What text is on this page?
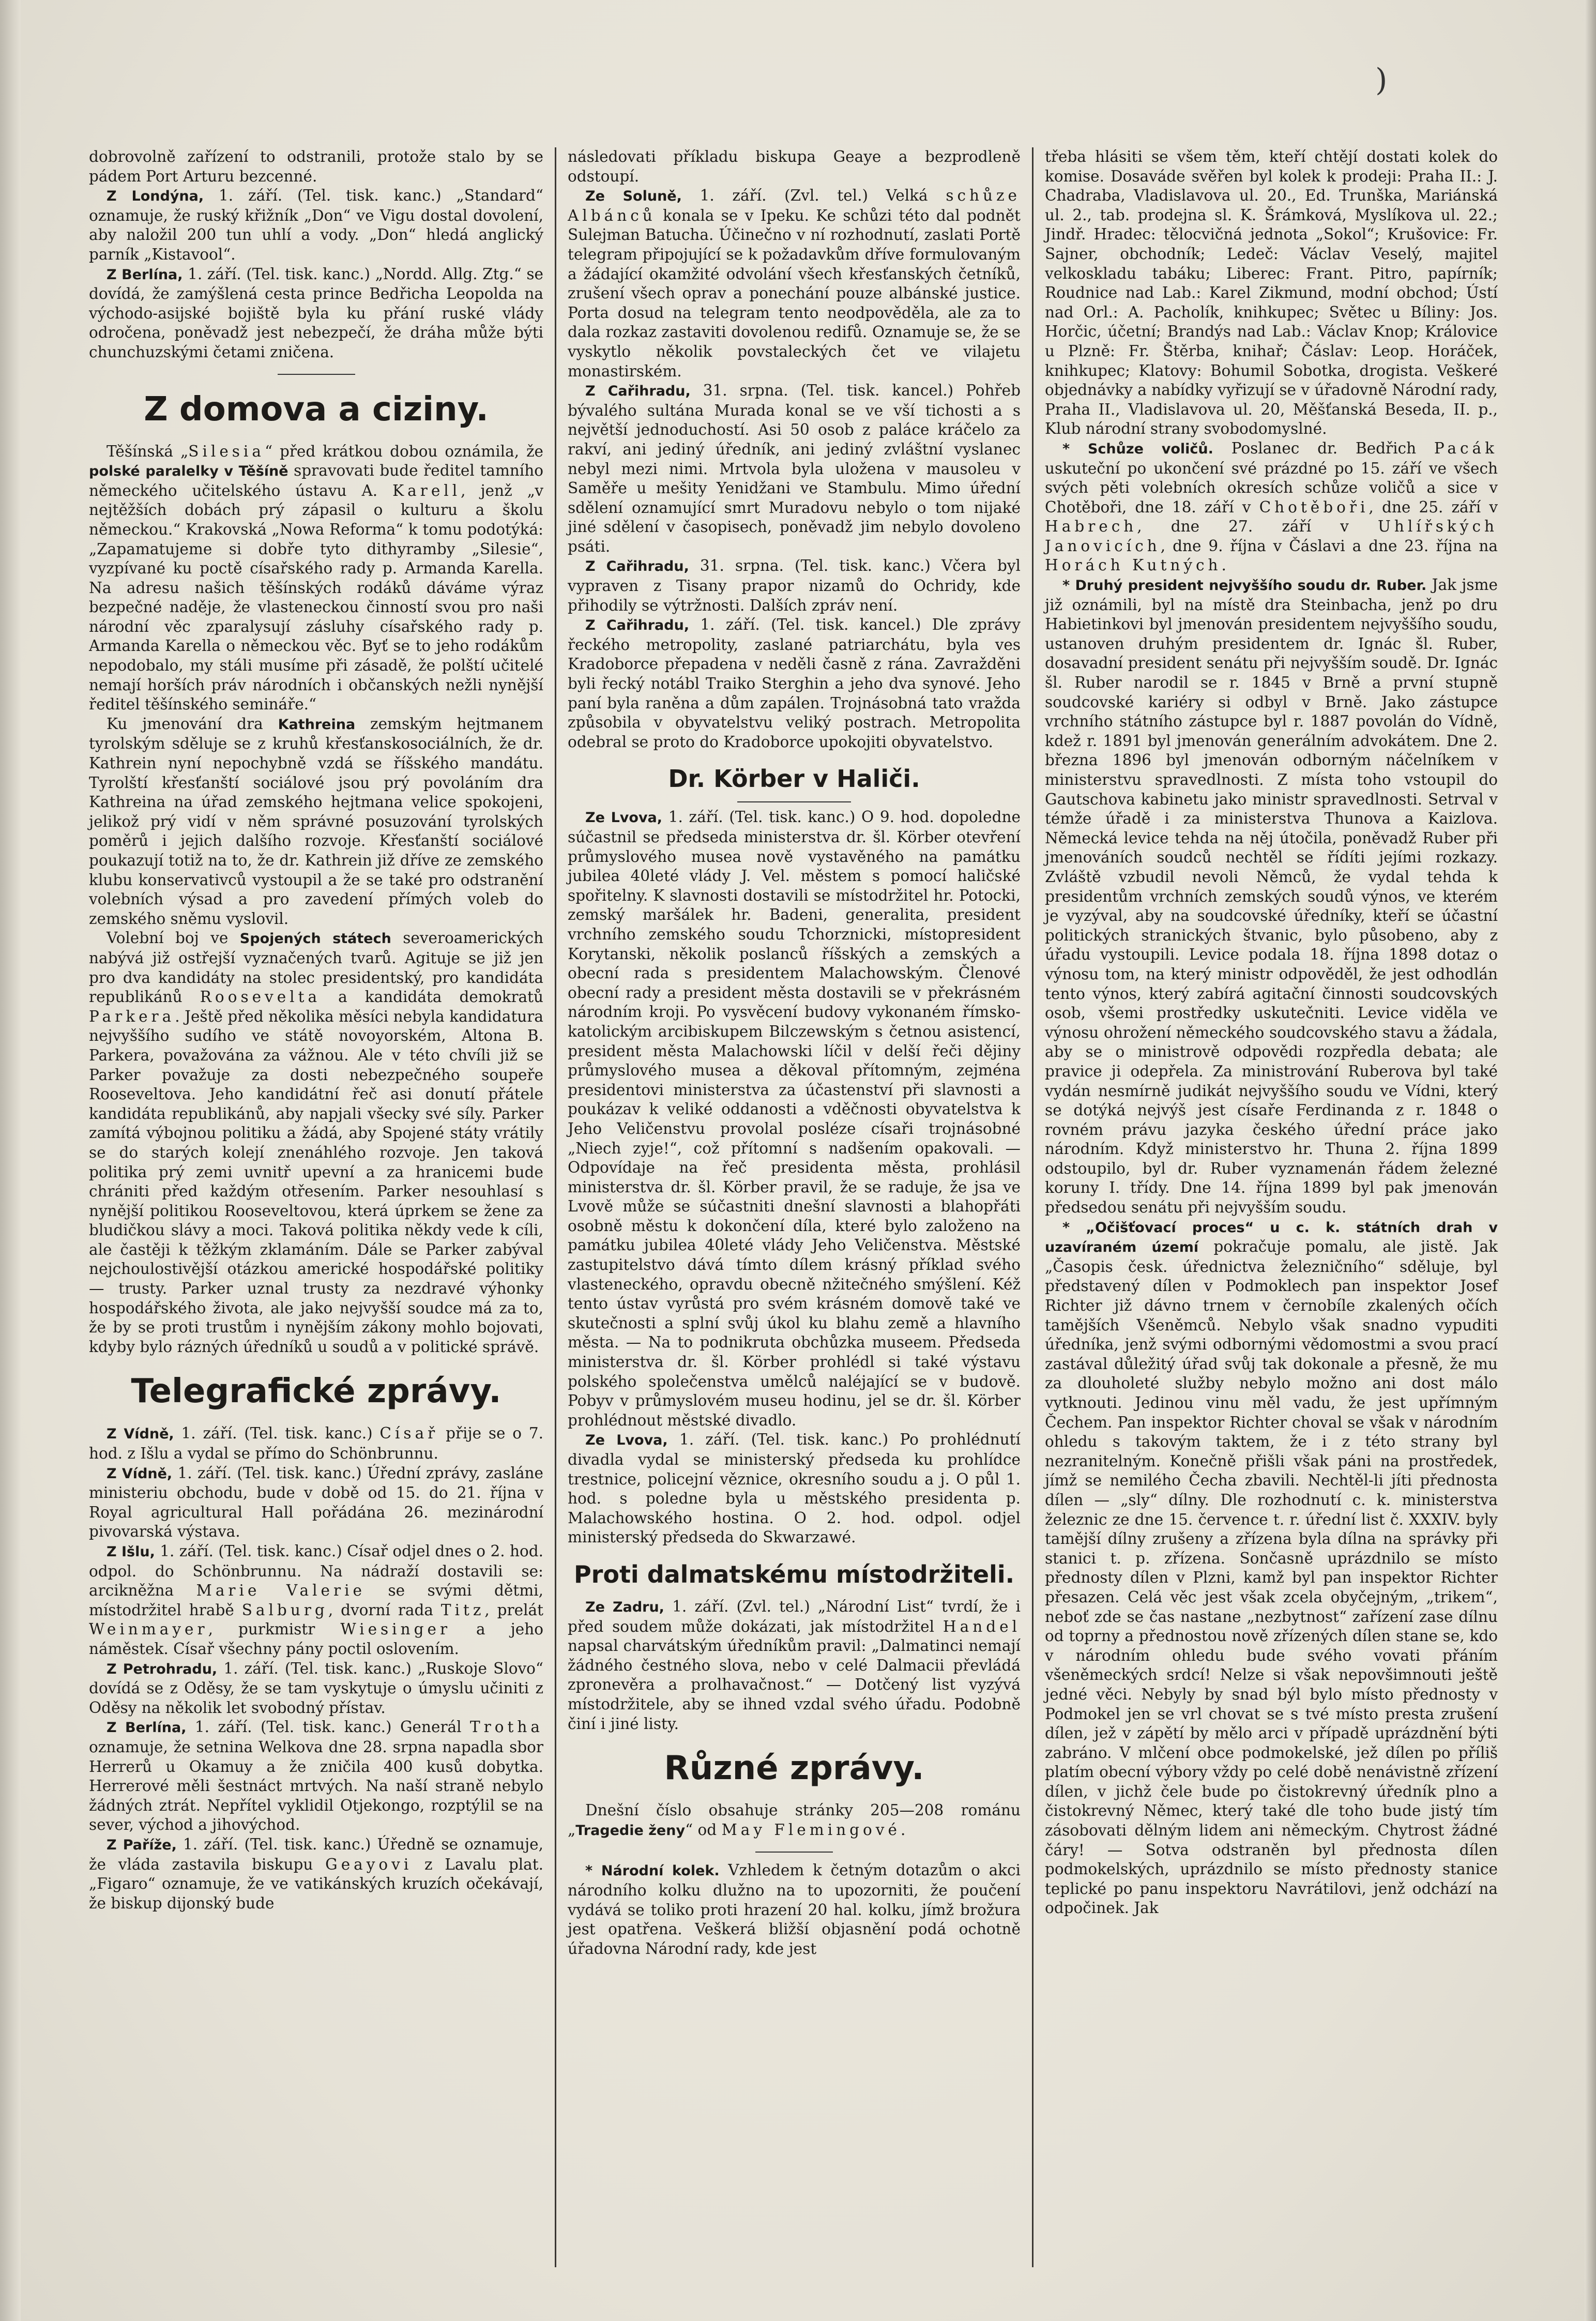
)

dobrovolně zařízení to odstranili, protože stalo by se pádem Port Arturu bezcenné.

Z Londýna, 1. září. (Tel. tisk. kanc.) „Standard“ oznamuje, že ruský křižník „Don“ ve Vigu dostal dovolení, aby naložil 200 tun uhlí a vody. „Don“ hledá anglický parník „Kistavool“.

Z Berlína, 1. září. (Tel. tisk. kanc.) „Nordd. Allg. Ztg.“ se dovídá, že zamýšlená cesta prince Bedřicha Leopolda na východo-asijské bojiště byla ku přání ruské vlády odročena, poněvadž jest nebezpečí, že dráha může býti chunchuzskými četami zničena.

Z domova a ciziny.

Těšínská „Silesia“ před krátkou dobou oznámila, že polské paralelky v Těšíně spravovati bude ředitel tamního německého učitelského ústavu A. Karell, jenž „v nejtěžších dobách prý zápasil o kulturu a školu německou.“ Krakovská „Nowa Reforma“ k tomu podotýká: „Zapamatujeme si dobře tyto dithyramby „Silesie“, vyzpívané ku poctě císařského rady p. Armanda Karella. Na adresu našich těšínských rodáků dáváme výraz bezpečné naděje, že vlasteneckou činností svou pro naši národní věc zparalysují zásluhy císařského rady p. Armanda Karella o německou věc. Byť se to jeho rodákům nepodobalo, my stáli musíme při zásadě, že polští učitelé nemají horších práv národních i občanských nežli nynější ředitel těšínského semináře.“

Ku jmenování dra Kathreina zemským hejtmanem tyrolským sděluje se z kruhů křesťanskosociálních, že dr. Kathrein nyní nepochybně vzdá se říšského mandátu. Tyrolští křesťanští sociálové jsou prý povoláním dra Kathreina na úřad zemského hejtmana velice spokojeni, jelikož prý vidí v něm správné posuzování tyrolských poměrů i jejich dalšího rozvoje. Křesťanští sociálové poukazují totiž na to, že dr. Kathrein již dříve ze zemského klubu konservativců vystoupil a že se také pro odstranění volebních výsad a pro zavedení přímých voleb do zemského sněmu vyslovil.

Volební boj ve Spojených státech severoamerických nabývá již ostřejší vyznačených tvarů. Agituje se již jen pro dva kandidáty na stolec presidentský, pro kandidáta republikánů Roosevelta a kandidáta demokratů Parkera. Ještě před několika měsíci nebyla kandidatura nejvyššího sudího ve státě novoyorském, Altona B. Parkera, považována za vážnou. Ale v této chvíli již se Parker považuje za dosti nebezpečného soupeře Rooseveltova. Jeho kandidátní řeč asi donutí přátele kandidáta republikánů, aby napjali všecky své síly. Parker zamítá výbojnou politiku a žádá, aby Spojené státy vrátily se do starých kolejí znenáhlého rozvoje. Jen taková politika prý zemi uvnitř upevní a za hranicemi bude chrániti před každým otřesením. Parker nesouhlasí s nynější politikou Rooseveltovou, která úprkem se žene za bludičkou slávy a moci. Taková politika někdy vede k cíli, ale častěji k těžkým zklamáním. Dále se Parker zabýval nejchoulostivější otázkou americké hospodářské politiky — trusty. Parker uznal trusty za nezdravé výhonky hospodářského života, ale jako nejvyšší soudce má za to, že by se proti trustům i nynějším zákony mohlo bojovati, kdyby bylo rázných úředníků u soudů a v politické správě.

Telegrafické zprávy.

Z Vídně, 1. září. (Tel. tisk. kanc.) Císař přije se o 7. hod. z Išlu a vydal se přímo do Schönbrunnu.

Z Vídně, 1. září. (Tel. tisk. kanc.) Úřední zprávy, zasláne ministeriu obchodu, bude v době od 15. do 21. října v Royal agricultural Hall pořádána 26. mezinárodní pivovarská výstava.

Z Išlu, 1. září. (Tel. tisk. kanc.) Císař odjel dnes o 2. hod. odpol. do Schönbrunnu. Na nádraží dostavili se: arcikněžna Marie Valerie se svými dětmi, místodržitel hrabě Salburg, dvorní rada Titz, prelát Weinmayer, purkmistr Wiesinger a jeho náměstek. Císař všechny pány poctil oslovením.

Z Petrohradu, 1. září. (Tel. tisk. kanc.) „Ruskoje Slovo“ dovídá se z Oděsy, že se tam vyskytuje o úmyslu učiniti z Oděsy na několik let svobodný přístav.

Z Berlína, 1. září. (Tel. tisk. kanc.) Generál Trotha oznamuje, že setnina Welkova dne 28. srpna napadla sbor Herrerů u Okamuy a že zničila 400 kusů dobytka. Herrerové měli šestnáct mrtvých. Na naší straně nebylo žádných ztrát. Nepřítel vyklidil Otjekongo, rozptýlil se na sever, východ a jihovýchod.

Z Paříže, 1. září. (Tel. tisk. kanc.) Úředně se oznamuje, že vláda zastavila biskupu Geayovi z Lavalu plat. „Figaro“ oznamuje, že ve vatikánských kruzích očekávají, že biskup dijonský bude

následovati příkladu biskupa Geaye a bezprodleně odstoupí.

Ze Soluně, 1. září. (Zvl. tel.) Velká schůze Albánců konala se v Ipeku. Ke schůzi této dal podnět Sulejman Batucha. Účinečno v ní rozhodnutí, zaslati Portě telegram připojující se k požadavkům dříve formulovaným a žádající okamžité odvolání všech křesťanských četníků, zrušení všech oprav a ponechání pouze albánské justice. Porta dosud na telegram tento neodpověděla, ale za to dala rozkaz zastaviti dovolenou redifů. Oznamuje se, že se vyskytlo několik povstaleckých čet ve vilajetu monastirském.

Z Cařihradu, 31. srpna. (Tel. tisk. kancel.) Pohřeb bývalého sultána Murada konal se ve vší tichosti a s největší jednoduchostí. Asi 50 osob z paláce kráčelo za rakví, ani jediný úředník, ani jediný zvláštní vyslanec nebyl mezi nimi. Mrtvola byla uložena v mausoleu v Saměře u mešity Yenidžani ve Stambulu. Mimo úřední sdělení oznamující smrt Muradovu nebylo o tom nijaké jiné sdělení v časopisech, poněvadž jim nebylo dovoleno psáti.

Z Cařihradu, 31. srpna. (Tel. tisk. kanc.) Včera byl vypraven z Tisany prapor nizamů do Ochridy, kde přihodily se výtržnosti. Dalších zpráv není.

Z Cařihradu, 1. září. (Tel. tisk. kancel.) Dle zprávy řeckého metropolity, zaslané patriarchátu, byla ves Kradoborce přepadena v neděli časně z rána. Zavražděni byli řecký notábl Traiko Sterghin a jeho dva synové. Jeho paní byla raněna a dům zapálen. Trojnásobná tato vražda způsobila v obyvatelstvu veliký postrach. Metropolita odebral se proto do Kradoborce upokojiti obyvatelstvo.

Dr. Körber v Haliči.

Ze Lvova, 1. září. (Tel. tisk. kanc.) O 9. hod. dopoledne súčastnil se předseda ministerstva dr. šl. Körber otevření průmyslového musea nově vystavěného na památku jubilea 40leté vlády J. Vel. městem s pomocí haličské spořitelny. K slavnosti dostavili se místodržitel hr. Potocki, zemský maršálek hr. Badeni, generalita, president vrchního zemského soudu Tchorznicki, místopresident Korytanski, několik poslanců říšských a zemských a obecní rada s presidentem Malachowským. Členové obecní rady a president města dostavili se v překrásném národním kroji. Po vysvěcení budovy vykonaném římsko-katolickým arcibiskupem Bilczewským s četnou asistencí, president města Malachowski líčil v delší řeči dějiny průmyslového musea a děkoval přítomným, zejména presidentovi ministerstva za účastenství při slavnosti a poukázav k veliké oddanosti a vděčnosti obyvatelstva k Jeho Veličenstvu provolal posléze císaři trojnásobné „Niech zyje!“, což přítomní s nadšením opakovali. — Odpovídaje na řeč presidenta města, prohlásil ministerstva dr. šl. Körber pravil, že se raduje, že jsa ve Lvově může se súčastniti dnešní slavnosti a blahopřáti osobně městu k dokončení díla, které bylo založeno na památku jubilea 40leté vlády Jeho Veličenstva. Městské zastupitelstvo dává tímto dílem krásný příklad svého vlasteneckého, opravdu obecně nžitečného smýšlení. Kéž tento ústav vyrůstá pro svém krásném domově také ve skutečnosti a splní svůj úkol ku blahu země a hlavního města. — Na to podnikruta obchůzka museem. Předseda ministerstva dr. šl. Körber prohlédl si také výstavu polského společenstva umělců naléjající se v budově. Pobyv v průmyslovém museu hodinu, jel se dr. šl. Körber prohlédnout městské divadlo.

Ze Lvova, 1. září. (Tel. tisk. kanc.) Po prohlédnutí divadla vydal se ministerský předseda ku prohlídce trestnice, policejní věznice, okresního soudu a j. O půl 1. hod. s poledne byla u městského presidenta p. Malachowského hostina. O 2. hod. odpol. odjel ministerský předseda do Skwarzawé.

Proti dalmatskému místodržiteli.

Ze Zadru, 1. září. (Zvl. tel.) „Národní List“ tvrdí, že i před soudem může dokázati, jak místodržitel Handel napsal charvátským úředníkům pravil: „Dalmatinci nemají žádného čestného slova, nebo v celé Dalmacii převládá zpronevěra a prolhavačnost.“ — Dotčený list vyzývá místodržitele, aby se ihned vzdal svého úřadu. Podobně činí i jiné listy.

Různé zprávy.

Dnešní číslo obsahuje stránky 205—208 románu „Tragedie ženy“ od May Flemingové.

* Národní kolek. Vzhledem k četným dotazům o akci národního kolku dlužno na to upozorniti, že poučení vydává se toliko proti hrazení 20 hal. kolku, jímž brožura jest opatřena. Veškerá bližší objasnění podá ochotně úřadovna Národní rady, kde jest

třeba hlásiti se všem těm, kteří chtějí dostati kolek do komise. Dosaváde svěřen byl kolek k prodeji: Praha II.: J. Chadraba, Vladislavova ul. 20., Ed. Trunška, Mariánská ul. 2., tab. prodejna sl. K. Šrámková, Myslíkova ul. 22.; Jindř. Hradec: tělocvičná jednota „Sokol“; Krušovice: Fr. Sajner, obchodník; Ledeč: Václav Veselý, majitel velkoskladu tabáku; Liberec: Frant. Pitro, papírník; Roudnice nad Lab.: Karel Zikmund, modní obchod; Ústí nad Orl.: A. Pacholík, knihkupec; Světec u Bíliny: Jos. Horčic, účetní; Brandýs nad Lab.: Václav Knop; Královice u Plzně: Fr. Štěrba, knihař; Čáslav: Leop. Horáček, knihkupec; Klatovy: Bohumil Sobotka, drogista. Veškeré objednávky a nabídky vyřizují se v úřadovně Národní rady, Praha II., Vladislavova ul. 20, Měšťanská Beseda, II. p., Klub národní strany svobodomyslné.

* Schůze voličů. Poslanec dr. Bedřich Pacák uskuteční po ukončení své prázdné po 15. září ve všech svých pěti volebních okresích schůze voličů a sice v Chotěboři, dne 18. září v Chotěboři, dne 25. září v Habrech, dne 27. září v Uhlířských Janovicích, dne 9. října v Čáslavi a dne 23. října na Horách Kutných.

* Druhý president nejvyššího soudu dr. Ruber. Jak jsme již oznámili, byl na místě dra Steinbacha, jenž po dru Habietinkovi byl jmenován presidentem nejvyššího soudu, ustanoven druhým presidentem dr. Ignác šl. Ruber, dosavadní president senátu při nejvyšším soudě. Dr. Ignác šl. Ruber narodil se r. 1845 v Brně a první stupně soudcovské kariéry si odbyl v Brně. Jako zástupce vrchního státního zástupce byl r. 1887 povolán do Vídně, kdež r. 1891 byl jmenován generálním advokátem. Dne 2. března 1896 byl jmenován odborným náčelníkem v ministerstvu spravedlnosti. Z místa toho vstoupil do Gautschova kabinetu jako ministr spravedlnosti. Setrval v témže úřadě i za ministerstva Thunova a Kaizlova. Německá levice tehda na něj útočila, poněvadž Ruber při jmenováních soudců nechtěl se řídíti jejími rozkazy. Zvláště vzbudil nevoli Němců, že vydal tehda k presidentům vrchních zemských soudů výnos, ve kterém je vyzýval, aby na soudcovské úředníky, kteří se účastní politických stranických štvanic, bylo působeno, aby z úřadu vystoupili. Levice podala 18. října 1898 dotaz o výnosu tom, na který ministr odpověděl, že jest odhodlán tento výnos, který zabírá agitační činnosti soudcovských osob, všemi prostředky uskutečniti. Levice viděla ve výnosu ohrožení německého soudcovského stavu a žádala, aby se o ministrově odpovědi rozpředla debata; ale pravice ji odepřela. Za ministrování Ruberova byl také vydán nesmírně judikát nejvyššího soudu ve Vídni, který se dotýká nejvýš jest císaře Ferdinanda z r. 1848 o rovném právu jazyka českého úřední práce jako národním. Když ministerstvo hr. Thuna 2. října 1899 odstoupilo, byl dr. Ruber vyznamenán řádem železné koruny I. třídy. Dne 14. října 1899 byl pak jmenován předsedou senátu při nejvyšším soudu.

* „Očišťovací proces“ u c. k. státních drah v uzavíraném území pokračuje pomalu, ale jistě. Jak „Časopis česk. úřednictva železničního“ sděluje, byl představený dílen v Podmoklech pan inspektor Josef Richter již dávno trnem v černobíle zkalených očích tamějších Všeněmců. Nebylo však snadno vypuditi úředníka, jenž svými odbornými vědomostmi a svou prací zastával důležitý úřad svůj tak dokonale a přesně, že mu za dlouholeté služby nebylo možno ani dost málo vytknouti. Jedinou vinu měl vadu, že jest upřímným Čechem. Pan inspektor Richter choval se však v národním ohledu s takovým taktem, že i z této strany byl nezranitelným. Konečně přišli však páni na prostředek, jímž se nemilého Čecha zbavili. Nechtěl-li jíti přednosta dílen — „sly“ dílny. Dle rozhodnutí c. k. ministerstva železnic ze dne 15. července t. r. úřední list č. XXXIV. byly tamější dílny zrušeny a zřízena byla dílna na správky při stanici t. p. zřízena. Sončasně uprázdnilo se místo přednosty dílen v Plzni, kamž byl pan inspektor Richter přesazen. Celá věc jest však zcela obyčejným, „trikem“, neboť zde se čas nastane „nezbytnost“ zařízení zase dílnu od toprny a přednostou nově zřízených dílen stane se, kdo v národním ohledu bude svého vovati přáním všeněmeckých srdcí! Nelze si však nepovšimnouti ještě jedné věci. Nebyly by snad býl bylo místo přednosty v Podmokel jen se vrl chovat se s tvé místo presta zrušení dílen, jež v zápětí by mělo arci v případě uprázdnění býti zabráno. V mlčení obce podmokelské, jež dílen po příliš platím obecní výbory vždy po celé době nenávistně zřízení dílen, v jichž čele bude po čistokrevný úředník plno a čistokrevný Němec, který také dle toho bude jistý tím zásobovati dělným lidem ani německým. Chytrost žádné čáry! — Sotva odstraněn byl přednosta dílen podmokelských, uprázdnilo se místo přednosty stanice teplické po panu inspektoru Navrátilovi, jenž odchází na odpočinek. Jak
